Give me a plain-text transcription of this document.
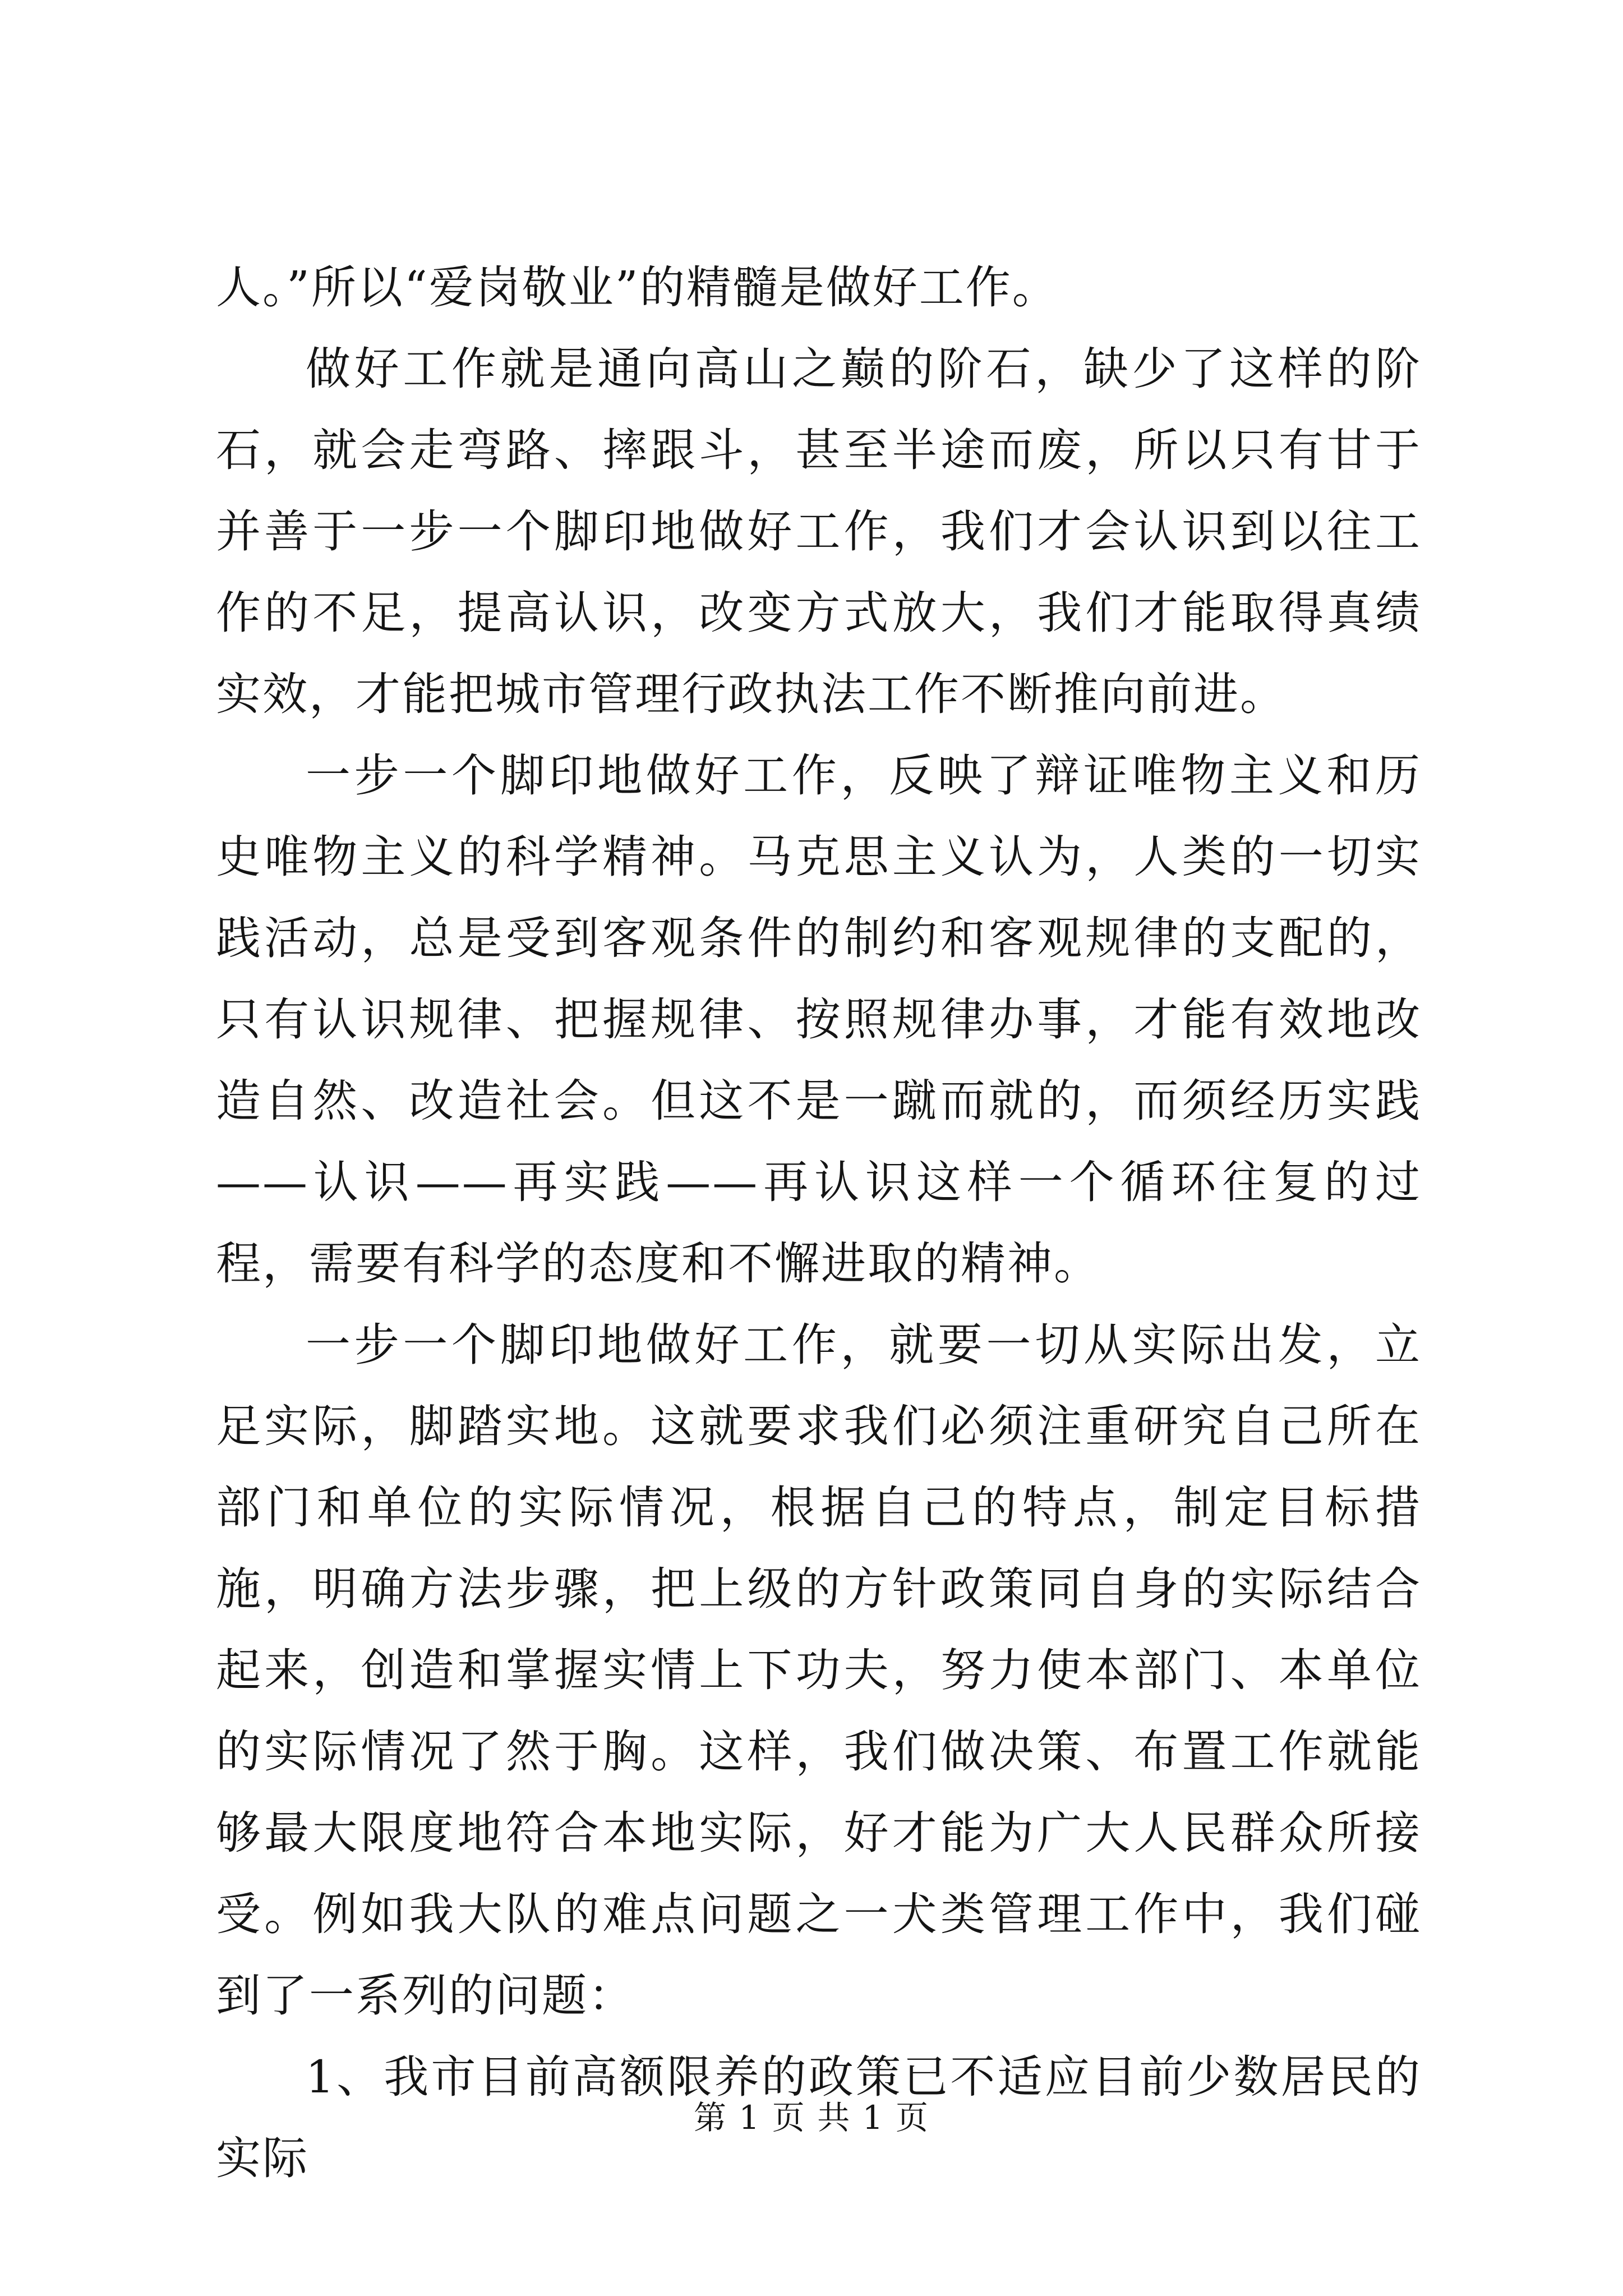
人。”所以“爱岗敬业”的精髓是做好工作。

做好工作就是通向高山之巅的阶石，缺少了这样的阶石，就会走弯路、摔跟斗，甚至半途而废，所以只有甘于并善于一步一个脚印地做好工作，我们才会认识到以往工作的不足，提高认识，改变方式放大，我们才能取得真绩实效，才能把城市管理行政执法工作不断推向前进。

一步一个脚印地做好工作，反映了辩证唯物主义和历史唯物主义的科学精神。马克思主义认为，人类的一切实践活动，总是受到客观条件的制约和客观规律的支配的，只有认识规律、把握规律、按照规律办事，才能有效地改造自然、改造社会。但这不是一蹴而就的，而须经历实践——认识——再实践——再认识这样一个循环往复的过程，需要有科学的态度和不懈进取的精神。

一步一个脚印地做好工作，就要一切从实际出发，立足实际，脚踏实地。这就要求我们必须注重研究自己所在部门和单位的实际情况，根据自己的特点，制定目标措施，明确方法步骤，把上级的方针政策同自身的实际结合起来，创造和掌握实情上下功夫，努力使本部门、本单位的实际情况了然于胸。这样，我们做决策、布置工作就能够最大限度地符合本地实际，好才能为广大人民群众所接受。例如我大队的难点问题之一犬类管理工作中，我们碰到了一系列的问题：

1、我市目前高额限养的政策已不适应目前少数居民的实际

第 1 页 共 1 页
